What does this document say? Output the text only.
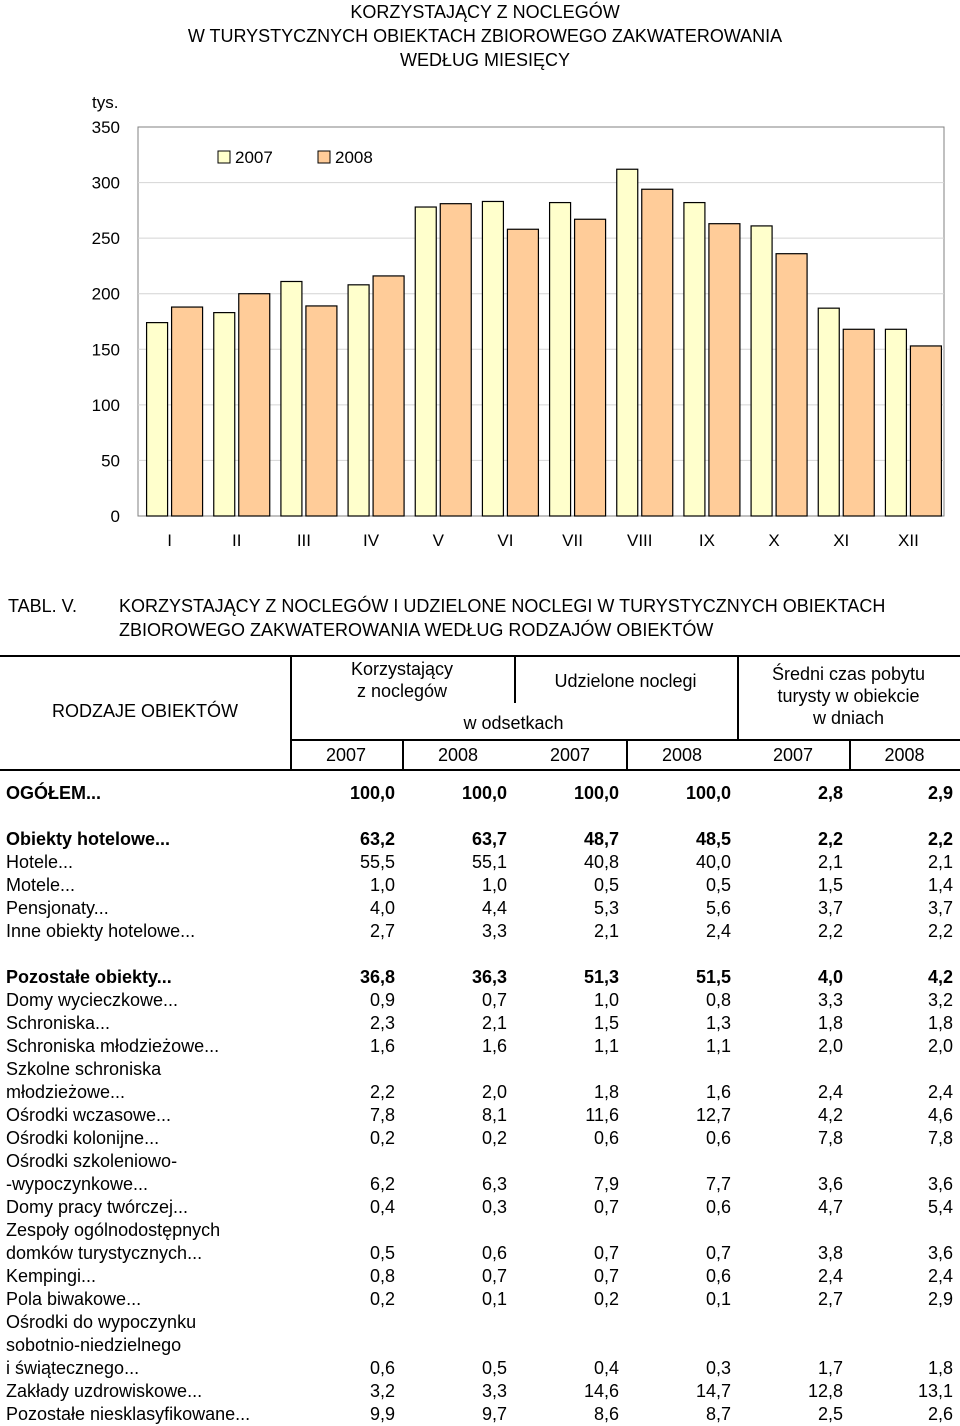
KORZYSTAJĄCY Z NOCLEGÓW
W TURYSTYCZNYCH OBIEKTACH ZBIOROWEGO ZAKWATEROWANIA
WEDŁUG MIESIĘCY
0
50
100
150
200
250
300
350
tys.
I	II	III	IV	V	VI	VII	VIII	IX	X	XI	XII
2007	2008
TABL. V. KORZYSTAJĄCY Z NOCLEGÓW I UDZIELONE NOCLEGI W TURYSTYCZNYCH OBIEKTACH ZBIOROWEGO ZAKWATEROWANIA WEDŁUG RODZAJÓW OBIEKTÓW
RODZAJE OBIEKTÓW
Korzystający
z noclegów	Udzielone noclegi
w odsetkach
Średni czas pobytu
turysty w obiekcie
w dniach
2007	2008	2007	2008	2007	2008
OGÓŁEM...	100,0	100,0	100,0	100,0	2,8	2,9
Obiekty hotelowe...	63,2	63,7	48,7	48,5	2,2	2,2
Hotele...	55,5	55,1	40,8	40,0	2,1	2,1
Motele...	1,0	1,0	0,5	0,5	1,5	1,4
Pensjonaty...	4,0	4,4	5,3	5,6	3,7	3,7
Inne obiekty hotelowe...	2,7	3,3	2,1	2,4	2,2	2,2
Pozostałe obiekty...	36,8	36,3	51,3	51,5	4,0	4,2
Domy wycieczkowe...	0,9	0,7	1,0	0,8	3,3	3,2
Schroniska...	2,3	2,1	1,5	1,3	1,8	1,8
Schroniska młodzieżowe...	1,6	1,6	1,1	1,1	2,0	2,0
Szkolne schroniska
młodzieżowe...	2,2	2,0	1,8	1,6	2,4	2,4
Ośrodki wczasowe...	7,8	8,1	11,6	12,7	4,2	4,6
Ośrodki kolonijne...	0,2	0,2	0,6	0,6	7,8	7,8
Ośrodki szkoleniowo-
-wypoczynkowe...	6,2	6,3	7,9	7,7	3,6	3,6
Domy pracy twórczej...	0,4	0,3	0,7	0,6	4,7	5,4
Zespoły ogólnodostępnych
domków turystycznych...	0,5	0,6	0,7	0,7	3,8	3,6
Kempingi...	0,8	0,7	0,7	0,6	2,4	2,4
Pola biwakowe...	0,2	0,1	0,2	0,1	2,7	2,9
Ośrodki do wypoczynku
sobotnio-niedzielnego
i świątecznego...	0,6	0,5	0,4	0,3	1,7	1,8
Zakłady uzdrowiskowe...	3,2	3,3	14,6	14,7	12,8	13,1
Pozostałe niesklasyfikowane...	9,9	9,7	8,6	8,7	2,5	2,6
